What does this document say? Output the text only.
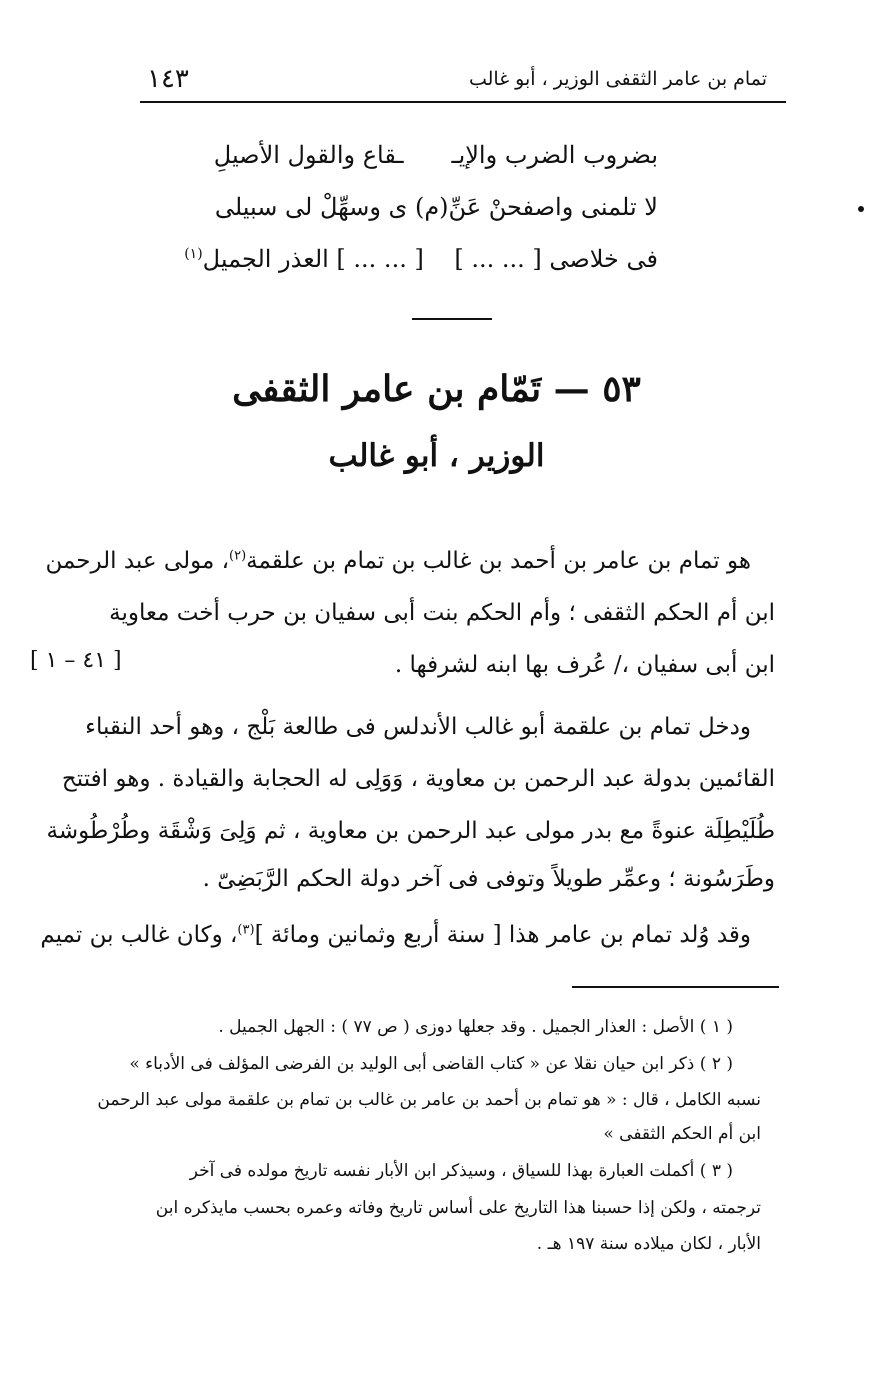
١٤٣	تمام بن عامر الثقفى الوزير ، أبو غالب
بضروب الضرب والإيــقاع والقول الأصيلِ
لا تلمنى واصفحنْ عَنِّ(م) ى وسهِّلْ لى سبيلى
فى خلاصى [ ... ... ]    [ ... ... ] العذر الجميل$^{(١)}$
٥٣ — تَمّام بن عامر الثقفى
الوزير ، أبو غالب
هو تمام بن عامر بن أحمد بن غالب بن تمام بن علقمة$^{(٢)}$، مولى عبد الرحمن
ابن أم الحكم الثقفى ؛ وأم الحكم بنت أبى سفيان بن حرب أخت معاوية
ابن أبى سفيان ،/ عُرف بها ابنه لشرفها .
[ ٤١ – ١ ]
ودخل تمام بن علقمة أبو غالب الأندلس فى طالعة بَلْج ، وهو أحد النقباء
القائمين بدولة عبد الرحمن بن معاوية ، وَوَلِى له الحجابة والقيادة . وهو افتتح
طُلَيْطِلَة عنوةً مع بدر مولى عبد الرحمن بن معاوية ، ثم وَلِىَ وَشْقَة وطُرْطُوشة
وطَرَسُونة ؛ وعمِّر طويلاً وتوفى فى آخر دولة الحكم الرَّبَضِىّ .
وقد وُلد تمام بن عامر هذا [ سنة أربع وثمانين ومائة ]$^{(٣)}$، وكان غالب بن تميم
( ١ ) الأصل : العذار الجميل . وقد جعلها دوزى ( ص ٧٧ ) : الجهل الجميل .
( ٢ ) ذكر ابن حيان نقلا عن « كتاب القاضى أبى الوليد بن الفرضى المؤلف فى الأدباء »
نسبه الكامل ، قال : « هو تمام بن أحمد بن عامر بن غالب بن تمام بن علقمة مولى عبد الرحمن
ابن أم الحكم الثقفى »
( ٣ ) أكملت العبارة بهذا للسياق ، وسيذكر ابن الأبار نفسه تاريخ مولده فى آخر
ترجمته ، ولكن إذا حسبنا هذا التاريخ على أساس تاريخ وفاته وعمره بحسب مايذكره ابن
الأبار ، لكان ميلاده سنة ١٩٧ هـ .
